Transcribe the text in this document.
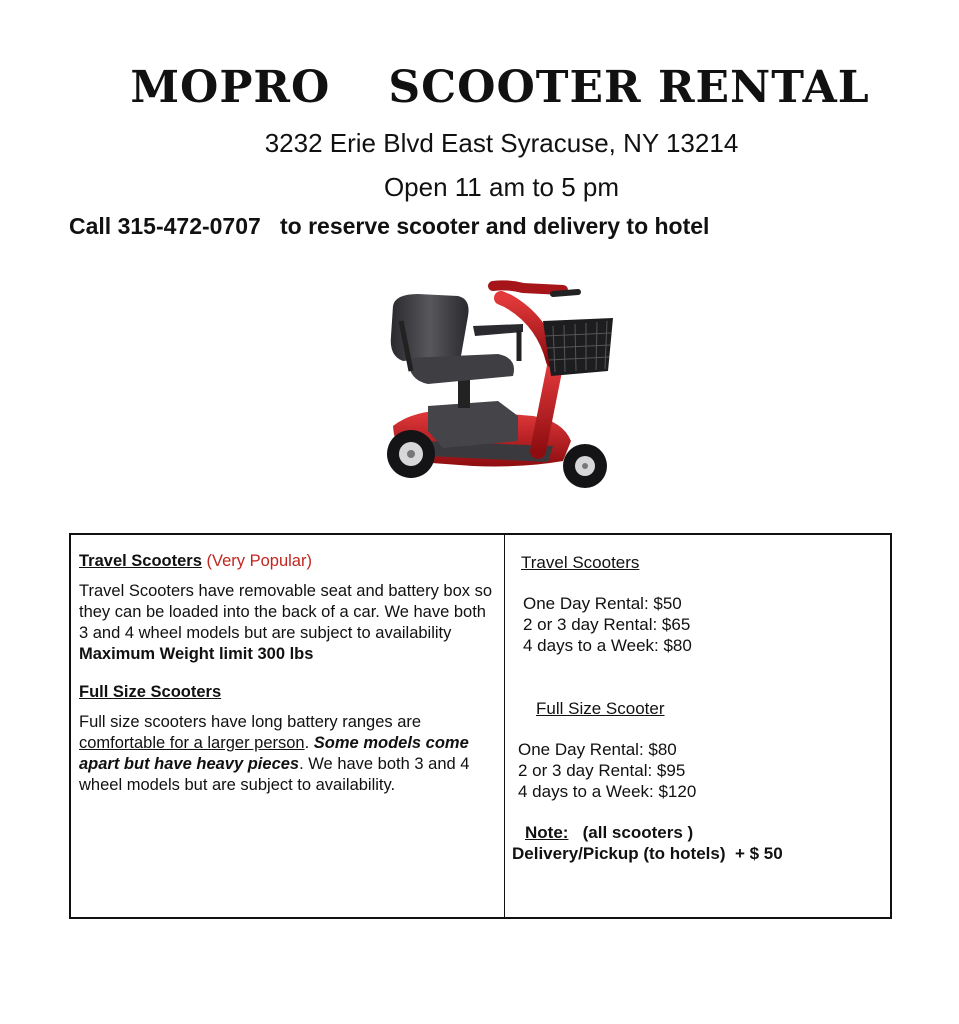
MOPRO SCOOTER RENTAL
3232 Erie Blvd East Syracuse, NY 13214
Open 11 am to 5 pm
Call 315-472-0707   to reserve scooter and delivery to hotel
Travel Scooters (Very Popular)
Travel Scooters have removable seat and battery box so they can be loaded into the back of a car. We have both 3 and 4 wheel models but are subject to availability
Maximum Weight limit 300 lbs
Full Size Scooters
Full size scooters have long battery ranges are comfortable for a larger person. Some models come apart but have heavy pieces. We have both 3 and 4 wheel models but are subject to availability.
Travel Scooters
One Day Rental: $50
2 or 3 day Rental: $65
4 days to a Week: $80
Full Size Scooter
One Day Rental: $80
2 or 3 day Rental: $95
4 days to a Week: $120
Note:   (all scooters )
Delivery/Pickup (to hotels)  + $ 50
